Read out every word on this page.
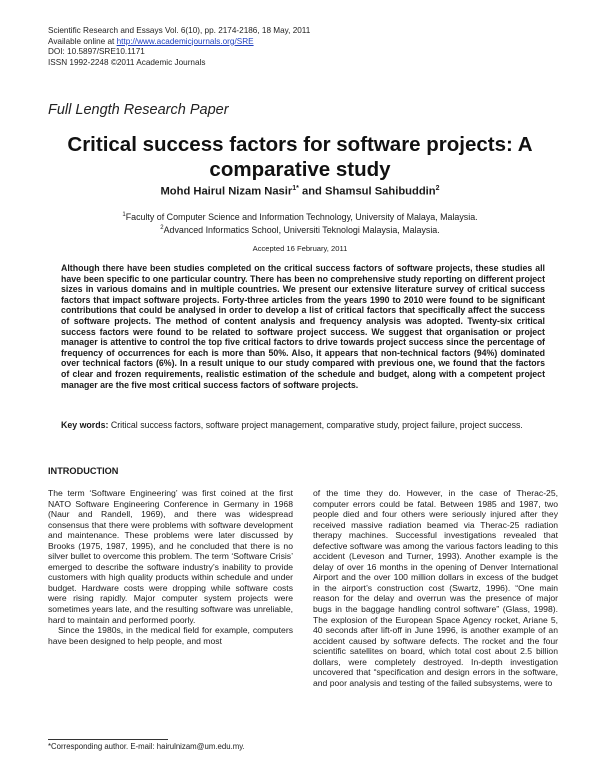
Scientific Research and Essays Vol. 6(10), pp. 2174-2186, 18 May, 2011
Available online at http://www.academicjournals.org/SRE
DOI: 10.5897/SRE10.1171
ISSN 1992-2248 ©2011 Academic Journals
Full Length Research Paper
Critical success factors for software projects: A
comparative study
Mohd Hairul Nizam Nasir$^{1*}$ and Shamsul Sahibuddin$^2$
$^1$Faculty of Computer Science and Information Technology, University of Malaya, Malaysia.
$^2$Advanced Informatics School, Universiti Teknologi Malaysia, Malaysia.
Accepted 16 February, 2011
Although there have been studies completed on the critical success factors of software projects, these studies all have been specific to one particular country. There has been no comprehensive study reporting on different project sizes in various domains and in multiple countries. We present our extensive literature survey of critical success factors that impact software projects. Forty-three articles from the years 1990 to 2010 were found to be significant contributions that could be analysed in order to develop a list of critical factors that specifically affect the success of software projects. The method of content analysis and frequency analysis was adopted. Twenty-six critical success factors were found to be related to software project success. We suggest that organisation or project manager is attentive to control the top five critical factors to drive towards project success since the percentage of frequency of occurrences for each is more than 50%. Also, it appears that non-technical factors (94%) dominated over technical factors (6%). In a result unique to our study compared with previous one, we found that the factors of clear and frozen requirements, realistic estimation of the schedule and budget, along with a competent project manager are the five most critical success factors of software projects.
Key words: Critical success factors, software project management, comparative study, project failure, project success.
INTRODUCTION

The term ‘Software Engineering’ was first coined at the first NATO Software Engineering Conference in Germany in 1968 (Naur and Randell, 1969), and there was widespread consensus that there were problems with software development and maintenance. These problems were later discussed by Brooks (1975, 1987, 1995), and he concluded that there is no silver bullet to overcome this problem. The term ‘Software Crisis’ emerged to describe the software industry’s inability to provide customers with high quality products within schedule and under budget. Hardware costs were dropping while software costs were rising rapidly. Major computer system projects were sometimes years late, and the resulting software was unreliable, hard to maintain and performed poorly.

Since the 1980s, in the medical field for example, computers have been designed to help people, and most

of the time they do. However, in the case of Therac-25, computer errors could be fatal. Between 1985 and 1987, two people died and four others were seriously injured after they received massive radiation beamed via Therac-25 radiation therapy machines. Successful investigations revealed that defective software was among the various factors leading to this accident (Leveson and Turner, 1993). Another example is the delay of over 16 months in the opening of Denver International Airport and the over 100 million dollars in excess of the budget in the airport’s construction cost (Swartz, 1996). “One main reason for the delay and overrun was the presence of major bugs in the baggage handling control software” (Glass, 1998). The explosion of the European Space Agency rocket, Ariane 5, 40 seconds after lift-off in June 1996, is another example of an accident caused by software defects. The rocket and the four scientific satellites on board, which total cost about 2.5 billion dollars, were completely destroyed. In-depth investigation uncovered that “specification and design errors in the software, and poor analysis and testing of the failed subsystems, were to

*Corresponding author. E-mail: hairulnizam@um.edu.my.
